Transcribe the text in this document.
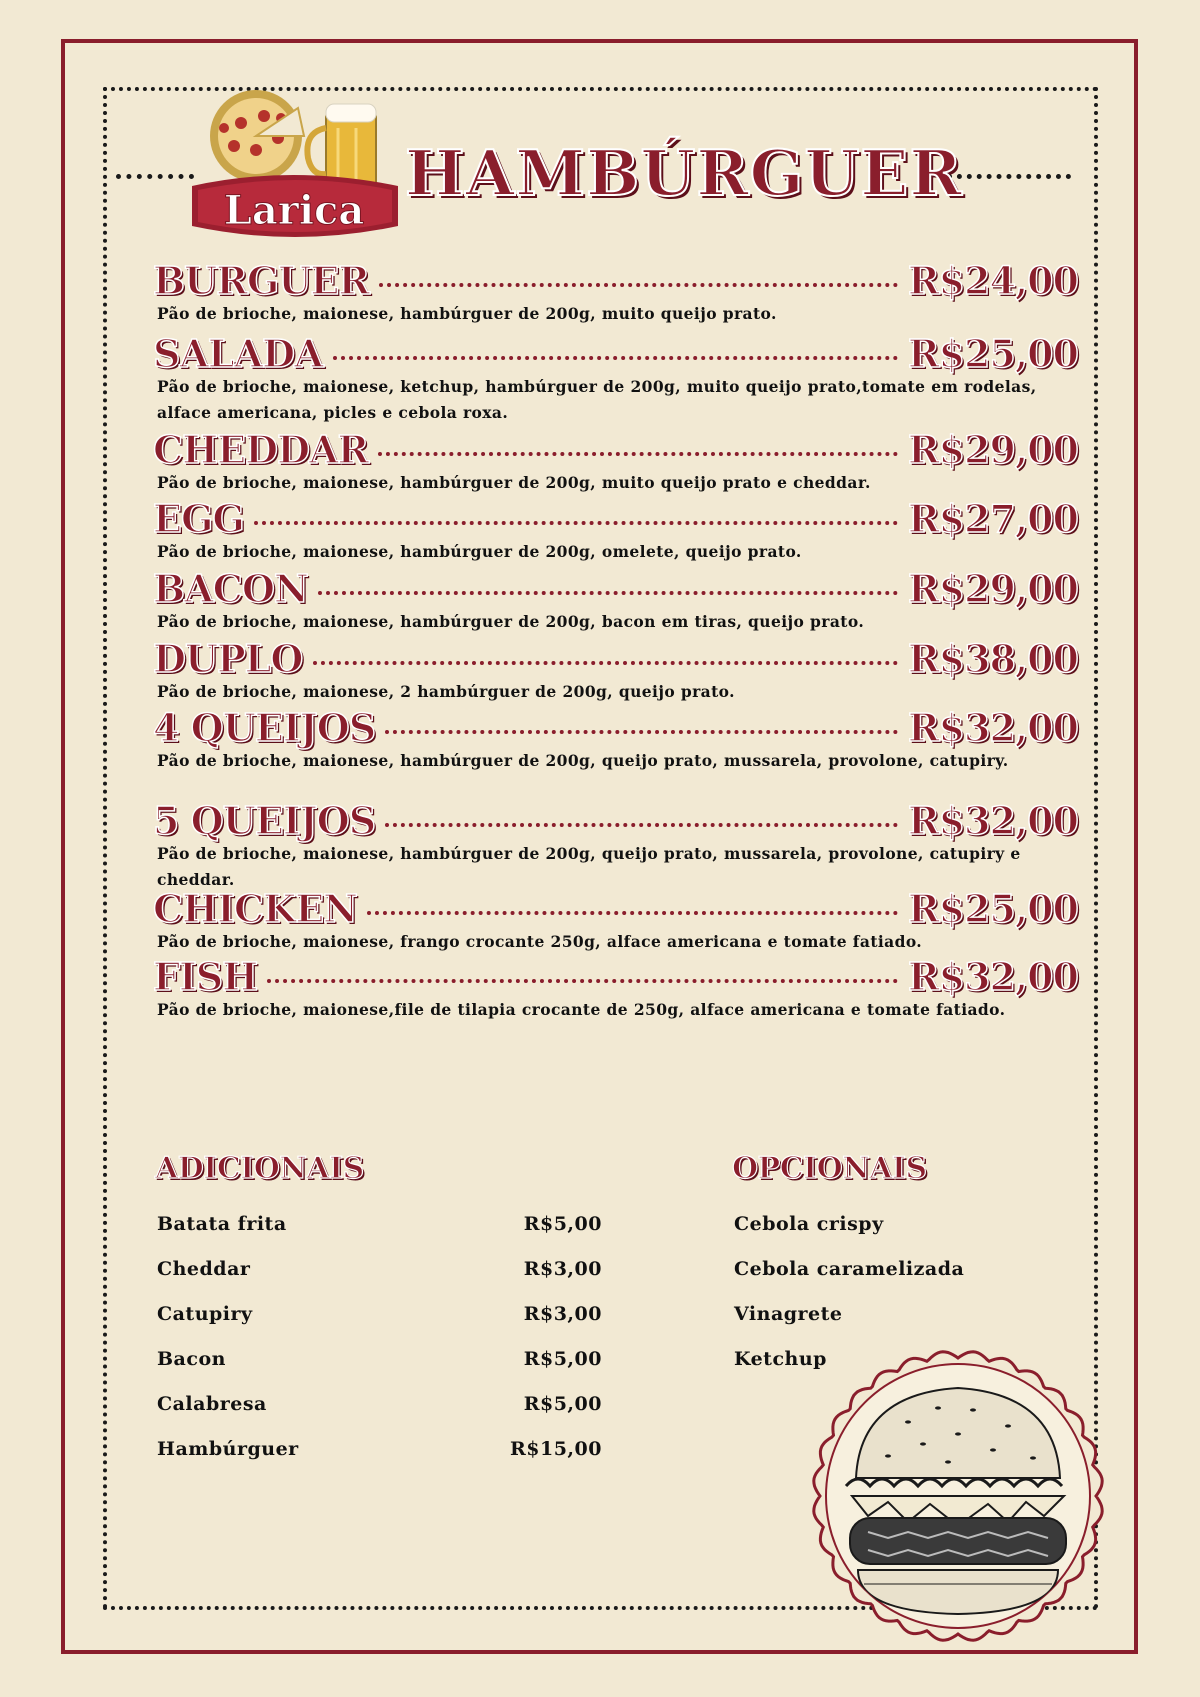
Larica
HAMBÚRGUER
BURGUER	R$24,00
Pão de brioche, maionese, hambúrguer de 200g, muito queijo prato.
SALADA	R$25,00
Pão de brioche, maionese, ketchup, hambúrguer de 200g, muito queijo prato,tomate em rodelas, alface americana, picles e cebola roxa.
CHEDDAR	R$29,00
Pão de brioche, maionese, hambúrguer de 200g, muito queijo prato e cheddar.
EGG	R$27,00
Pão de brioche, maionese, hambúrguer de 200g, omelete, queijo prato.
BACON	R$29,00
Pão de brioche, maionese, hambúrguer de 200g, bacon em tiras, queijo prato.
DUPLO	R$38,00
Pão de brioche, maionese, 2 hambúrguer de 200g, queijo prato.
4 QUEIJOS	R$32,00
Pão de brioche, maionese, hambúrguer de 200g, queijo prato, mussarela, provolone, catupiry.
5 QUEIJOS	R$32,00
Pão de brioche, maionese, hambúrguer de 200g, queijo prato, mussarela, provolone, catupiry e cheddar.
CHICKEN	R$25,00
Pão de brioche, maionese, frango crocante 250g, alface americana e tomate fatiado.
FISH	R$32,00
Pão de brioche, maionese,file de tilapia crocante de 250g, alface americana e tomate fatiado.
ADICIONAIS
Batata frita	R$5,00
Cheddar	R$3,00
Catupiry	R$3,00
Bacon	R$5,00
Calabresa	R$5,00
Hambúrguer	R$15,00
OPCIONAIS
Cebola crispy
Cebola caramelizada
Vinagrete
Ketchup
